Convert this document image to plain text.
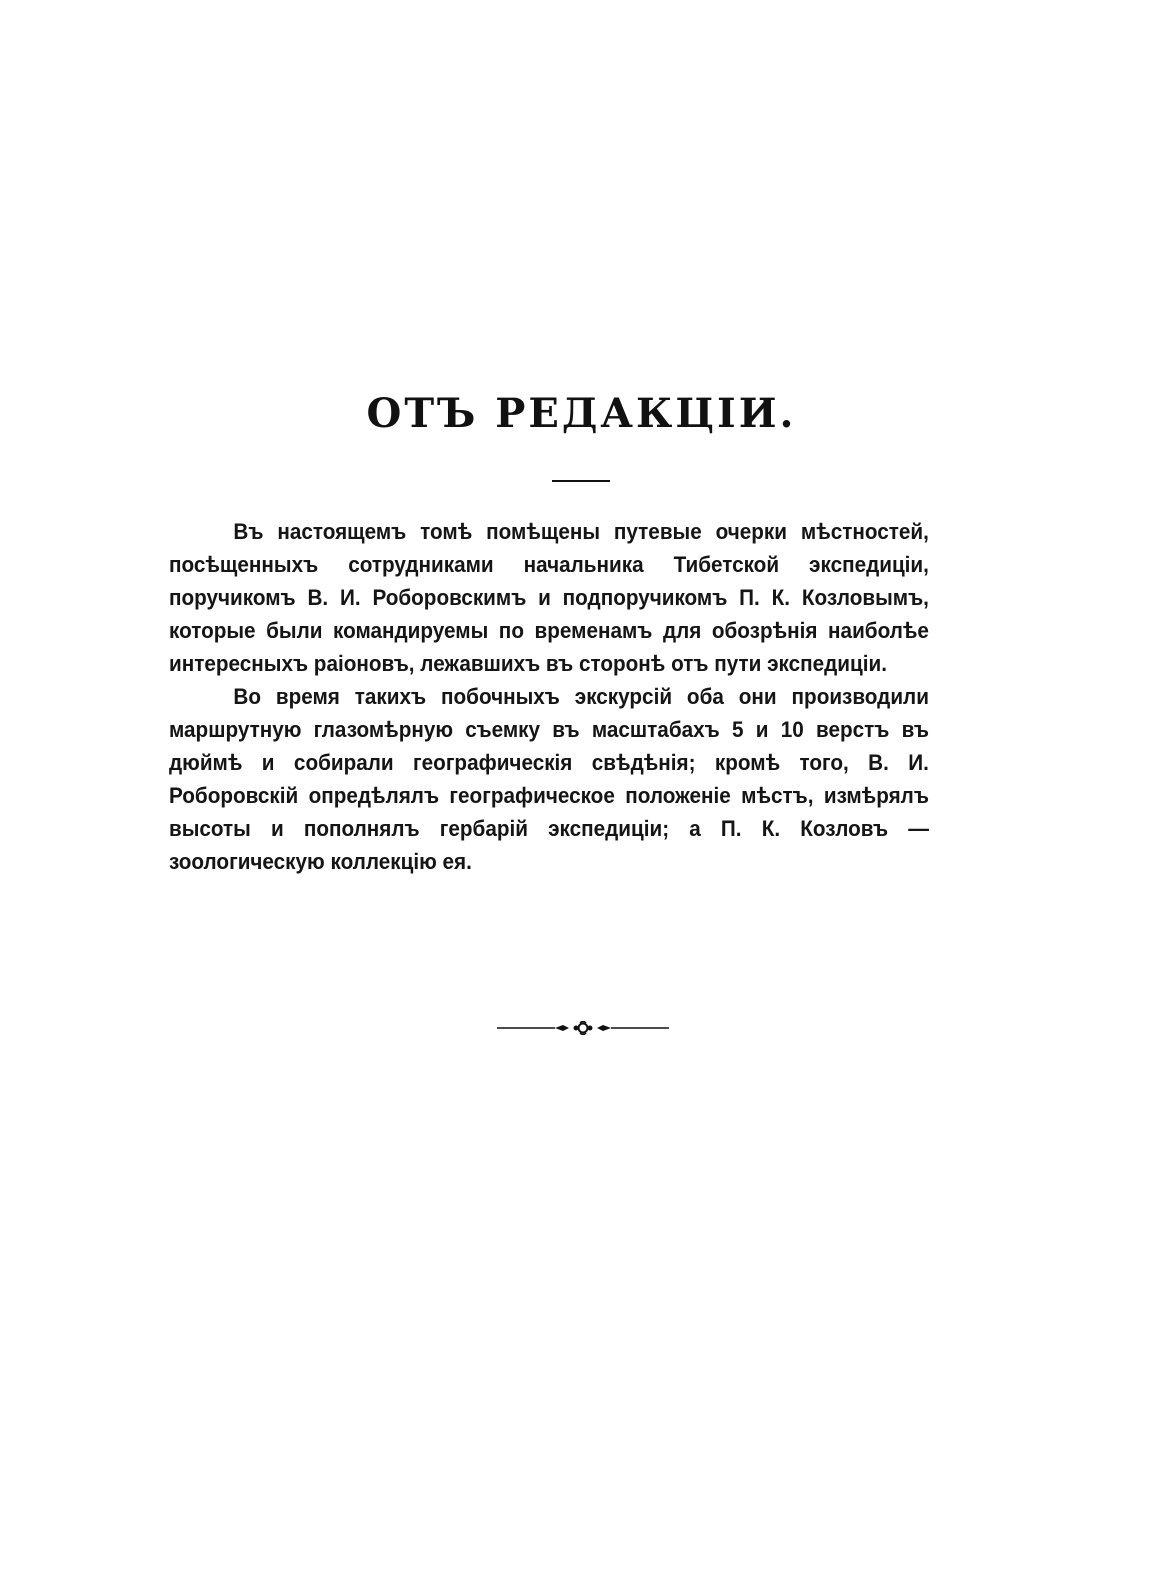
ОТЪ РЕДАКЦІИ.

Въ настоящемъ томѣ помѣщены путевые очерки мѣстностей, посѣщенныхъ сотрудниками начальника Тибетской экспедиціи, поручикомъ В. И. Роборовскимъ и подпоручикомъ П. К. Козловымъ, которые были командируемы по временамъ для обозрѣнія наиболѣе интересныхъ раіоновъ, лежавшихъ въ сторонѣ отъ пути экспедиціи.

Во время такихъ побочныхъ экскурсій оба они производили маршрутную глазомѣрную съемку въ масштабахъ 5 и 10 верстъ въ дюймѣ и собирали географическія свѣдѣнія; кромѣ того, В. И. Роборовскій опредѣлялъ географическое положеніе мѣстъ, измѣрялъ высоты и пополнялъ гербарій экспедиціи; а П. К. Козловъ — зоологическую коллекцію ея.
